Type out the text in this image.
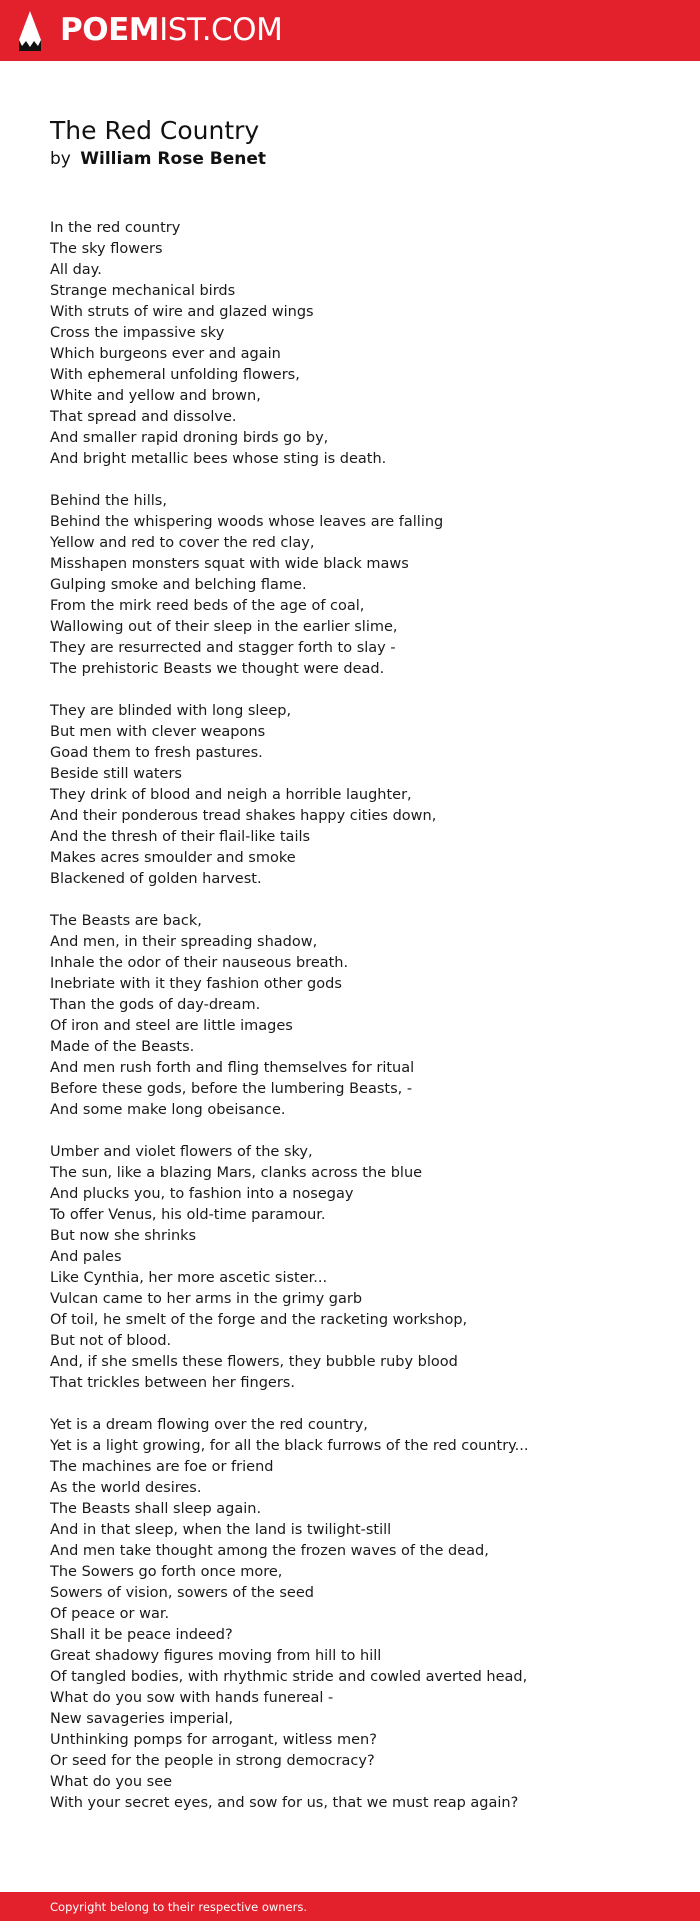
POEMIST.COM
The Red Country
by William Rose Benet
In the red country
The sky flowers
All day.
Strange mechanical birds
With struts of wire and glazed wings
Cross the impassive sky
Which burgeons ever and again
With ephemeral unfolding flowers,
White and yellow and brown,
That spread and dissolve.
And smaller rapid droning birds go by,
And bright metallic bees whose sting is death.
Behind the hills,
Behind the whispering woods whose leaves are falling
Yellow and red to cover the red clay,
Misshapen monsters squat with wide black maws
Gulping smoke and belching flame.
From the mirk reed beds of the age of coal,
Wallowing out of their sleep in the earlier slime,
They are resurrected and stagger forth to slay -
The prehistoric Beasts we thought were dead.
They are blinded with long sleep,
But men with clever weapons
Goad them to fresh pastures.
Beside still waters
They drink of blood and neigh a horrible laughter,
And their ponderous tread shakes happy cities down,
And the thresh of their flail-like tails
Makes acres smoulder and smoke
Blackened of golden harvest.
The Beasts are back,
And men, in their spreading shadow,
Inhale the odor of their nauseous breath.
Inebriate with it they fashion other gods
Than the gods of day-dream.
Of iron and steel are little images
Made of the Beasts.
And men rush forth and fling themselves for ritual
Before these gods, before the lumbering Beasts, -
And some make long obeisance.
Umber and violet flowers of the sky,
The sun, like a blazing Mars, clanks across the blue
And plucks you, to fashion into a nosegay
To offer Venus, his old-time paramour.
But now she shrinks
And pales
Like Cynthia, her more ascetic sister...
Vulcan came to her arms in the grimy garb
Of toil, he smelt of the forge and the racketing workshop,
But not of blood.
And, if she smells these flowers, they bubble ruby blood
That trickles between her fingers.
Yet is a dream flowing over the red country,
Yet is a light growing, for all the black furrows of the red country...
The machines are foe or friend
As the world desires.
The Beasts shall sleep again.
And in that sleep, when the land is twilight-still
And men take thought among the frozen waves of the dead,
The Sowers go forth once more,
Sowers of vision, sowers of the seed
Of peace or war.
Shall it be peace indeed?
Great shadowy figures moving from hill to hill
Of tangled bodies, with rhythmic stride and cowled averted head,
What do you sow with hands funereal -
New savageries imperial,
Unthinking pomps for arrogant, witless men?
Or seed for the people in strong democracy?
What do you see
With your secret eyes, and sow for us, that we must reap again?
Copyright belong to their respective owners.
